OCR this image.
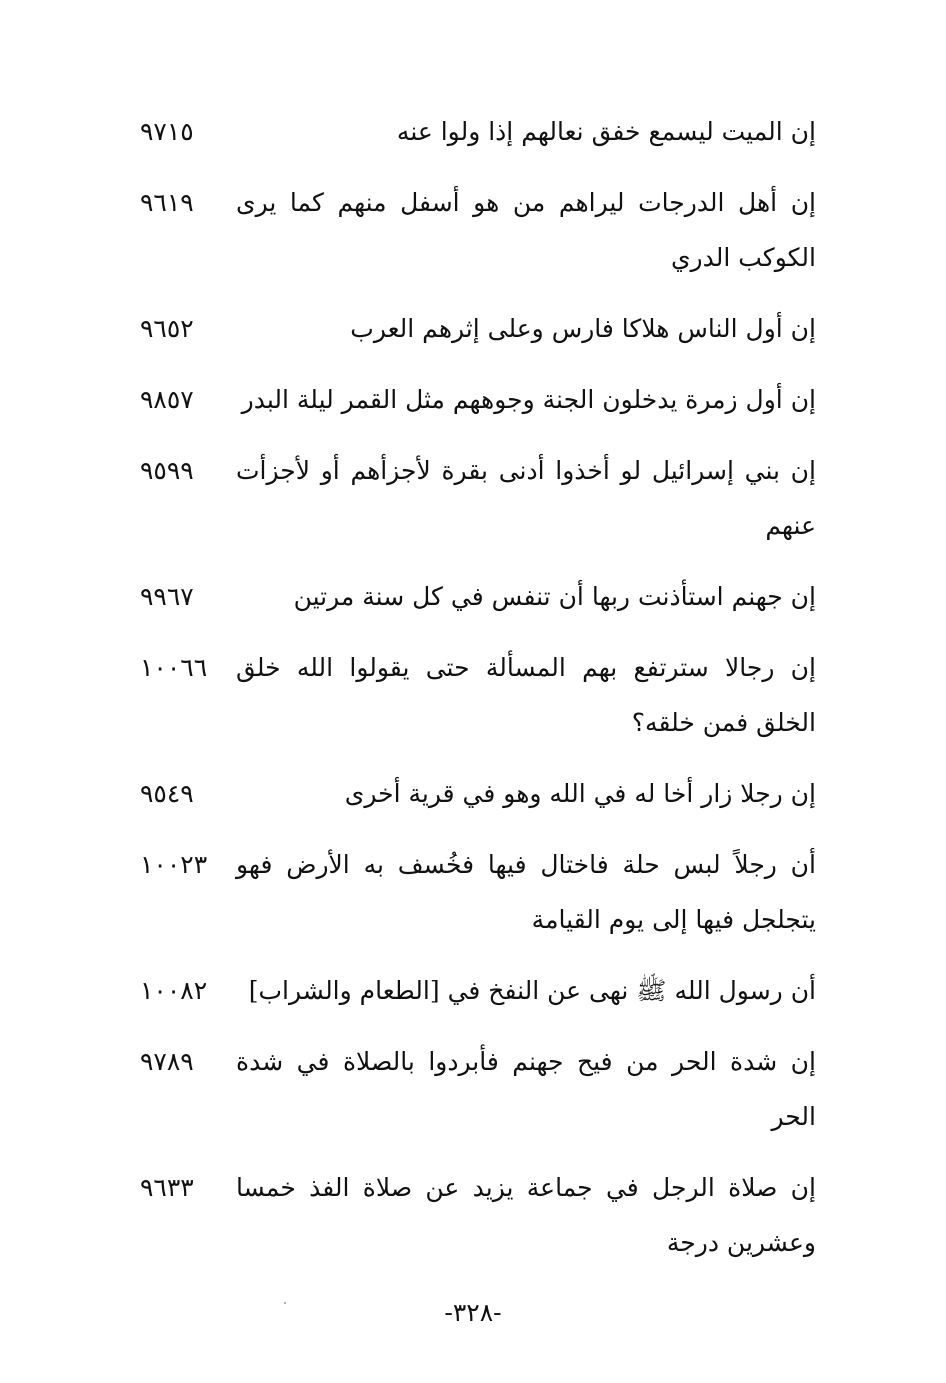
إن الميت ليسمع خفق نعالهم إذا ولوا عنه
٩٧١٥
إن أهل الدرجات ليراهم من هو أسفل منهم كما يرى الكوكب الدري
٩٦١٩
إن أول الناس هلاكا فارس وعلى إثرهم العرب
٩٦٥٢
إن أول زمرة يدخلون الجنة وجوههم مثل القمر ليلة البدر
٩٨٥٧
إن بني إسرائيل لو أخذوا أدنى بقرة لأجزأهم أو لأجزأت عنهم
٩٥٩٩
إن جهنم استأذنت ربها أن تنفس في كل سنة مرتين
٩٩٦٧
إن رجالا سترتفع بهم المسألة حتى يقولوا الله خلق الخلق فمن خلقه؟
١٠٠٦٦
إن رجلا زار أخا له في الله وهو في قرية أخرى
٩٥٤٩
أن رجلاً لبس حلة فاختال فيها فخُسف به الأرض فهو يتجلجل فيها إلى يوم القيامة
١٠٠٢٣
أن رسول الله ﷺ نهى عن النفخ في [الطعام والشراب]
١٠٠٨٢
إن شدة الحر من فيح جهنم فأبردوا بالصلاة في شدة الحر
٩٧٨٩
إن صلاة الرجل في جماعة يزيد عن صلاة الفذ خمسا وعشرين درجة
٩٦٣٣
-٣٢٨-
